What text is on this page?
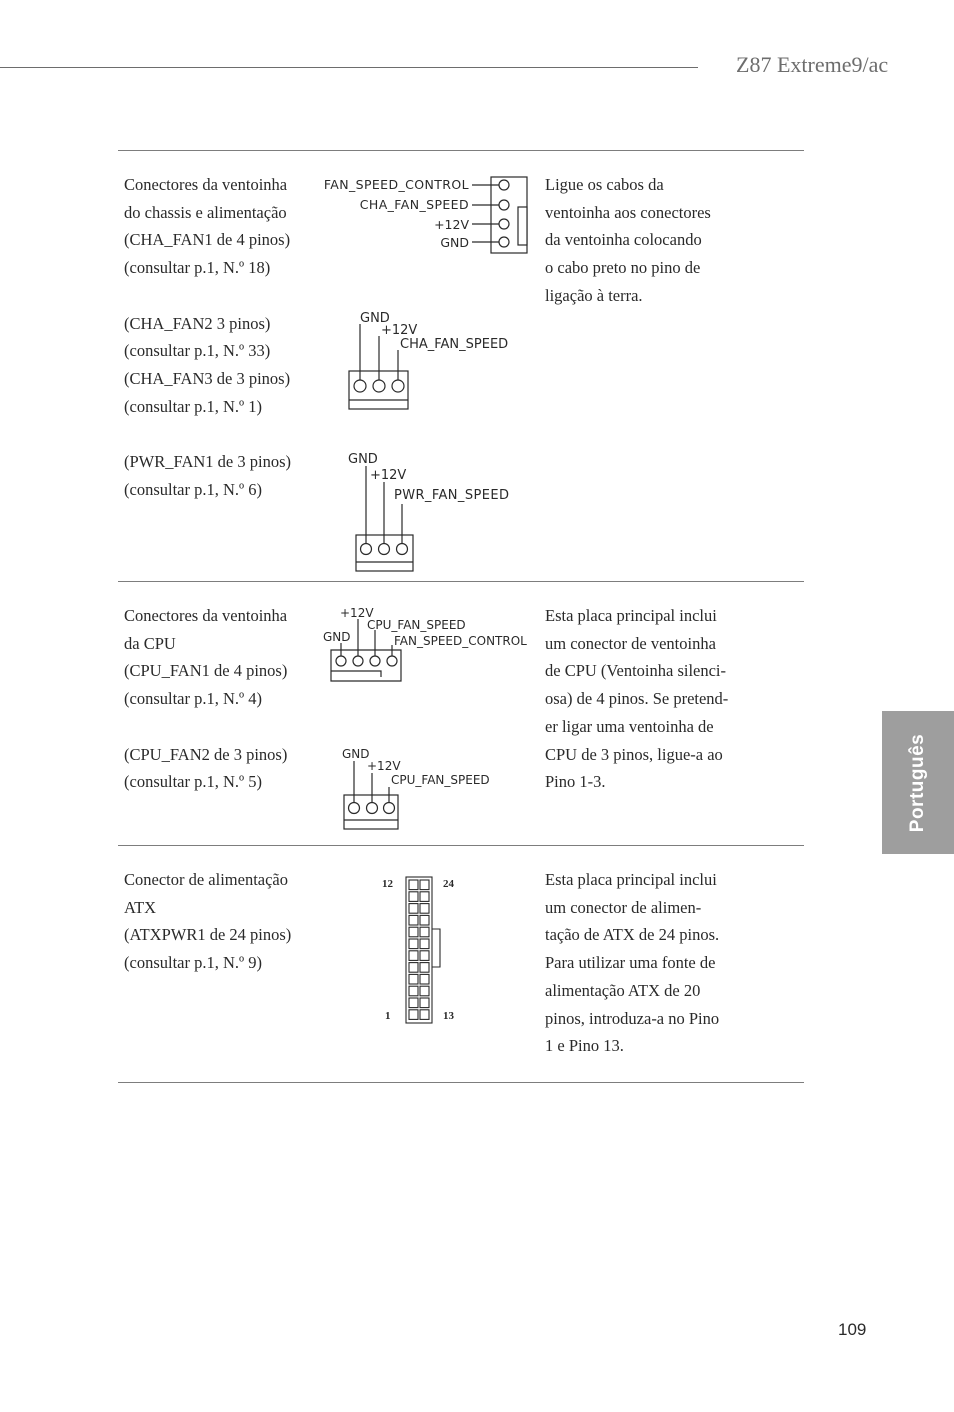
Z87 Extreme9/ac
Português
Conectores da ventoinha
do chassis e alimentação
(CHA_FAN1 de 4 pinos)
(consultar p.1, N.º 18)

(CHA_FAN2 3 pinos)
(consultar p.1, N.º 33)
(CHA_FAN3 de 3 pinos)
(consultar p.1, N.º 1)

(PWR_FAN1 de 3 pinos)
(consultar p.1, N.º 6)
Ligue os cabos da
ventoinha aos conectores
da ventoinha colocando
o cabo preto no pino de
ligação à terra.
Conectores da ventoinha
da CPU
(CPU_FAN1 de 4 pinos)
(consultar p.1, N.º 4)

(CPU_FAN2 de 3 pinos)
(consultar p.1, N.º 5)
Esta placa principal inclui
um conector de ventoinha
de CPU (Ventoinha silenci-
osa) de 4 pinos. Se pretend-
er ligar uma ventoinha de
CPU de 3 pinos, ligue-a ao
Pino 1-3.
Conector de alimentação
ATX
(ATXPWR1 de 24 pinos)
(consultar p.1, N.º 9)
Esta placa principal inclui
um conector de alimen-
tação de ATX de 24 pinos.
Para utilizar uma fonte de
alimentação ATX de 20
pinos, introduza-a no Pino
1 e Pino 13.
FAN_SPEED_CONTROL
CHA_FAN_SPEED
+12V
GND
GND
+12V
CHA_FAN_SPEED
GND
+12V
PWR_FAN_SPEED
+12V
CPU_FAN_SPEED
GND	FAN_SPEED_CONTROL
GND
+12V
CPU_FAN_SPEED
12	24
1	13
109
